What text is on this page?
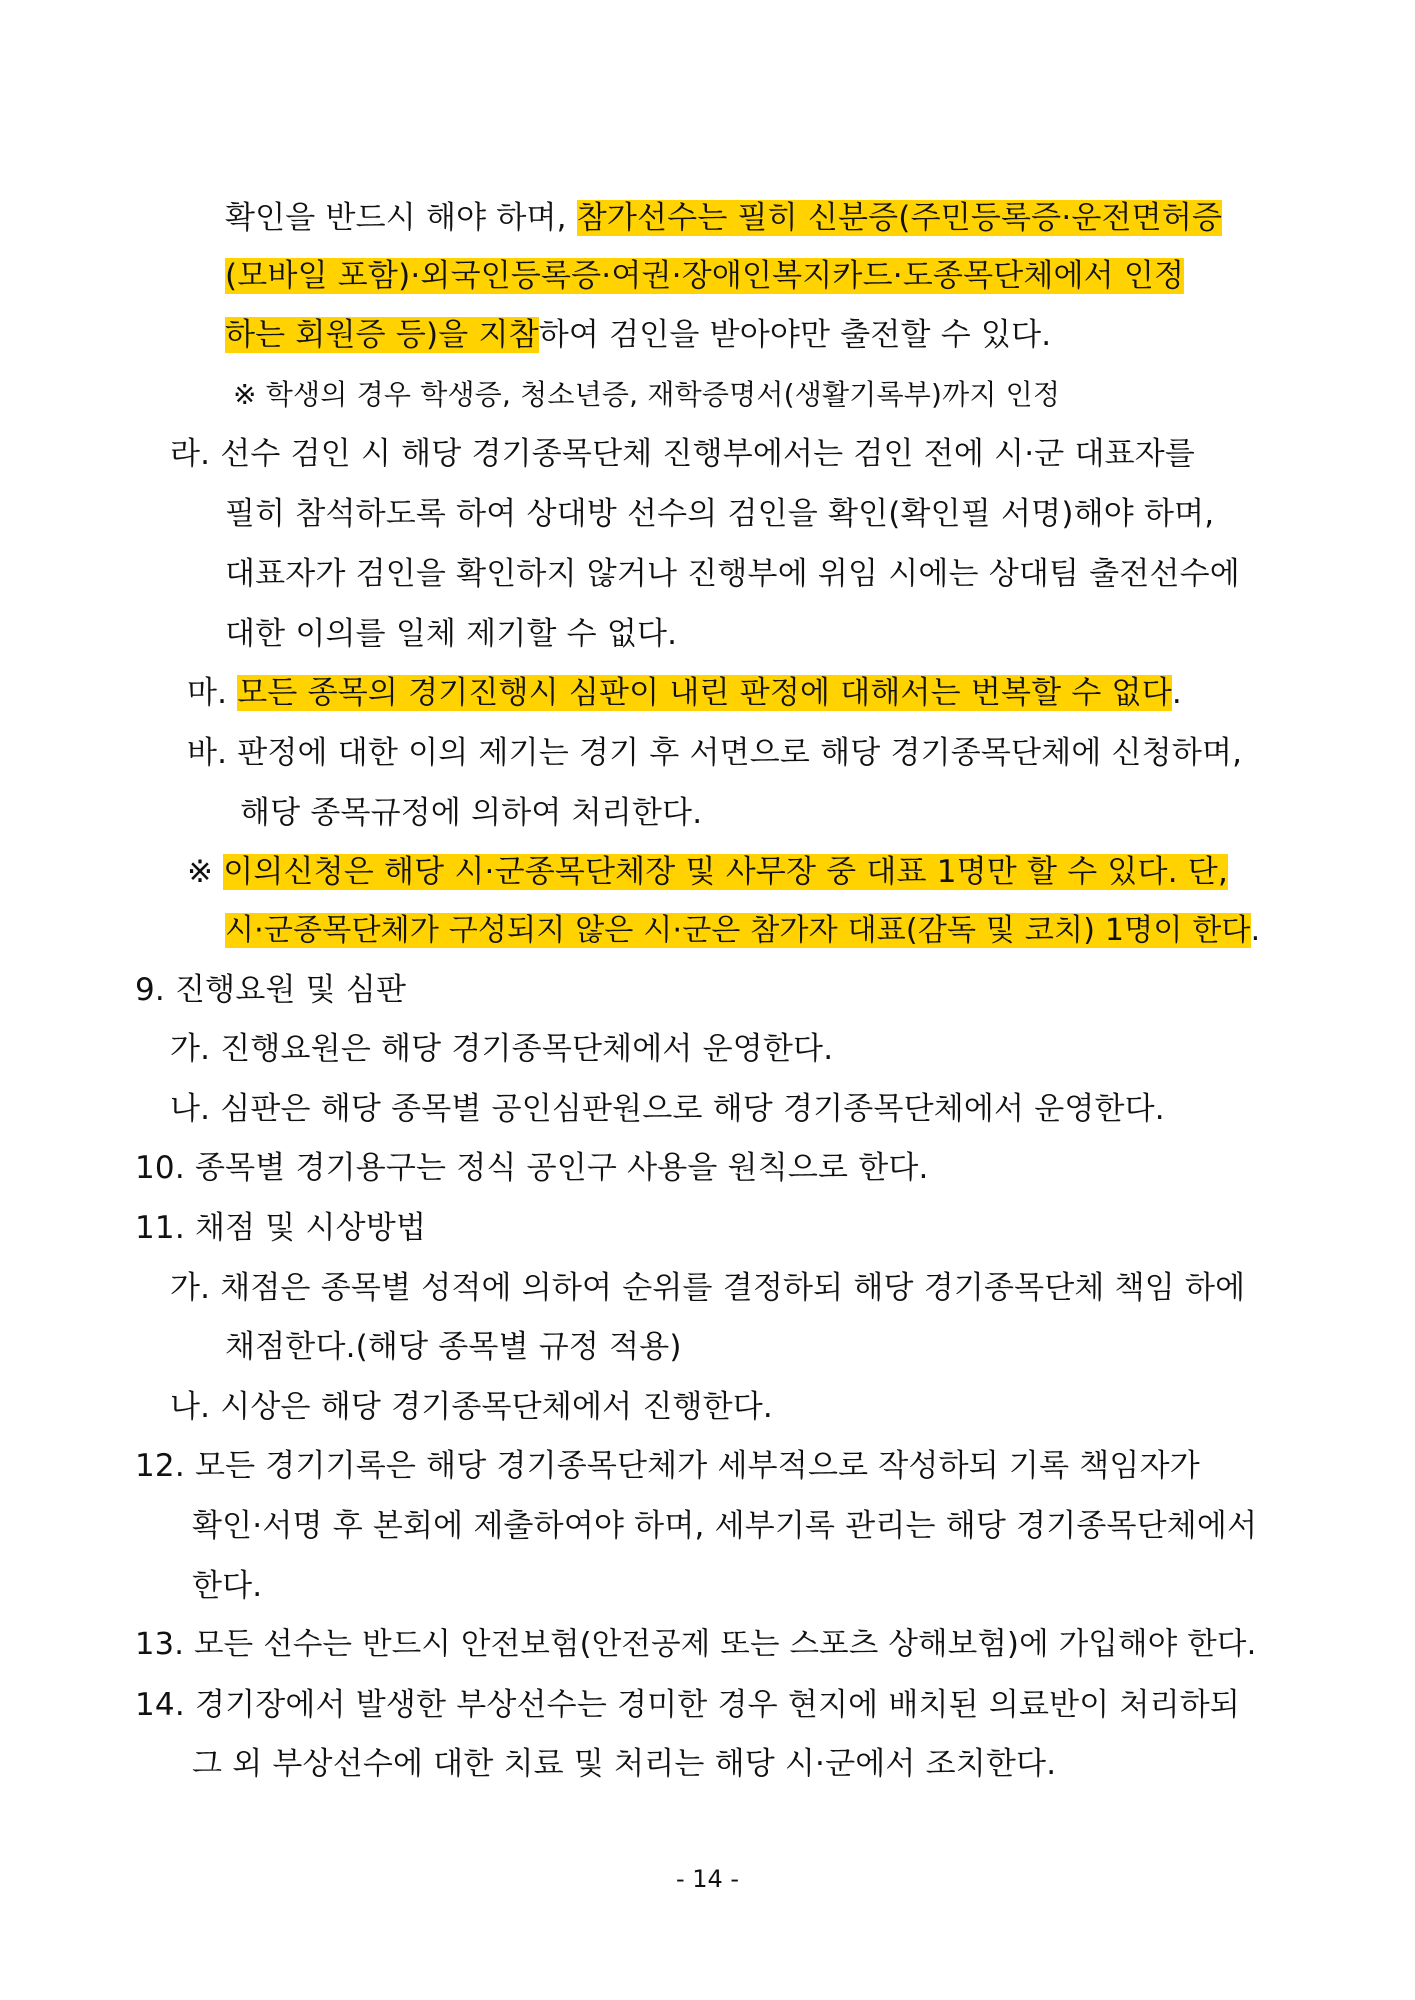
확인을 반드시 해야 하며, 참가선수는 필히 신분증(주민등록증·운전면허증
(모바일 포함)·외국인등록증·여권·장애인복지카드·도종목단체에서 인정
하는 회원증 등)을 지참하여 검인을 받아야만 출전할 수 있다.
※ 학생의 경우 학생증, 청소년증, 재학증명서(생활기록부)까지 인정
라. 선수 검인 시 해당 경기종목단체 진행부에서는 검인 전에 시·군 대표자를
필히 참석하도록 하여 상대방 선수의 검인을 확인(확인필 서명)해야 하며,
대표자가 검인을 확인하지 않거나 진행부에 위임 시에는 상대팀 출전선수에
대한 이의를 일체 제기할 수 없다.
마. 모든 종목의 경기진행시 심판이 내린 판정에 대해서는 번복할 수 없다.
바. 판정에 대한 이의 제기는 경기 후 서면으로 해당 경기종목단체에 신청하며,
해당 종목규정에 의하여 처리한다.
※ 이의신청은 해당 시·군종목단체장 및 사무장 중 대표 1명만 할 수 있다. 단,
시·군종목단체가 구성되지 않은 시·군은 참가자 대표(감독 및 코치) 1명이 한다.
9. 진행요원 및 심판
가. 진행요원은 해당 경기종목단체에서 운영한다.
나. 심판은 해당 종목별 공인심판원으로 해당 경기종목단체에서 운영한다.
10. 종목별 경기용구는 정식 공인구 사용을 원칙으로 한다.
11. 채점 및 시상방법
가. 채점은 종목별 성적에 의하여 순위를 결정하되 해당 경기종목단체 책임 하에
채점한다.(해당 종목별 규정 적용)
나. 시상은 해당 경기종목단체에서 진행한다.
12. 모든 경기기록은 해당 경기종목단체가 세부적으로 작성하되 기록 책임자가
확인·서명 후 본회에 제출하여야 하며, 세부기록 관리는 해당 경기종목단체에서
한다.
13. 모든 선수는 반드시 안전보험(안전공제 또는 스포츠 상해보험)에 가입해야 한다.
14. 경기장에서 발생한 부상선수는 경미한 경우 현지에 배치된 의료반이 처리하되
그 외 부상선수에 대한 치료 및 처리는 해당 시·군에서 조치한다.
- 14 -
